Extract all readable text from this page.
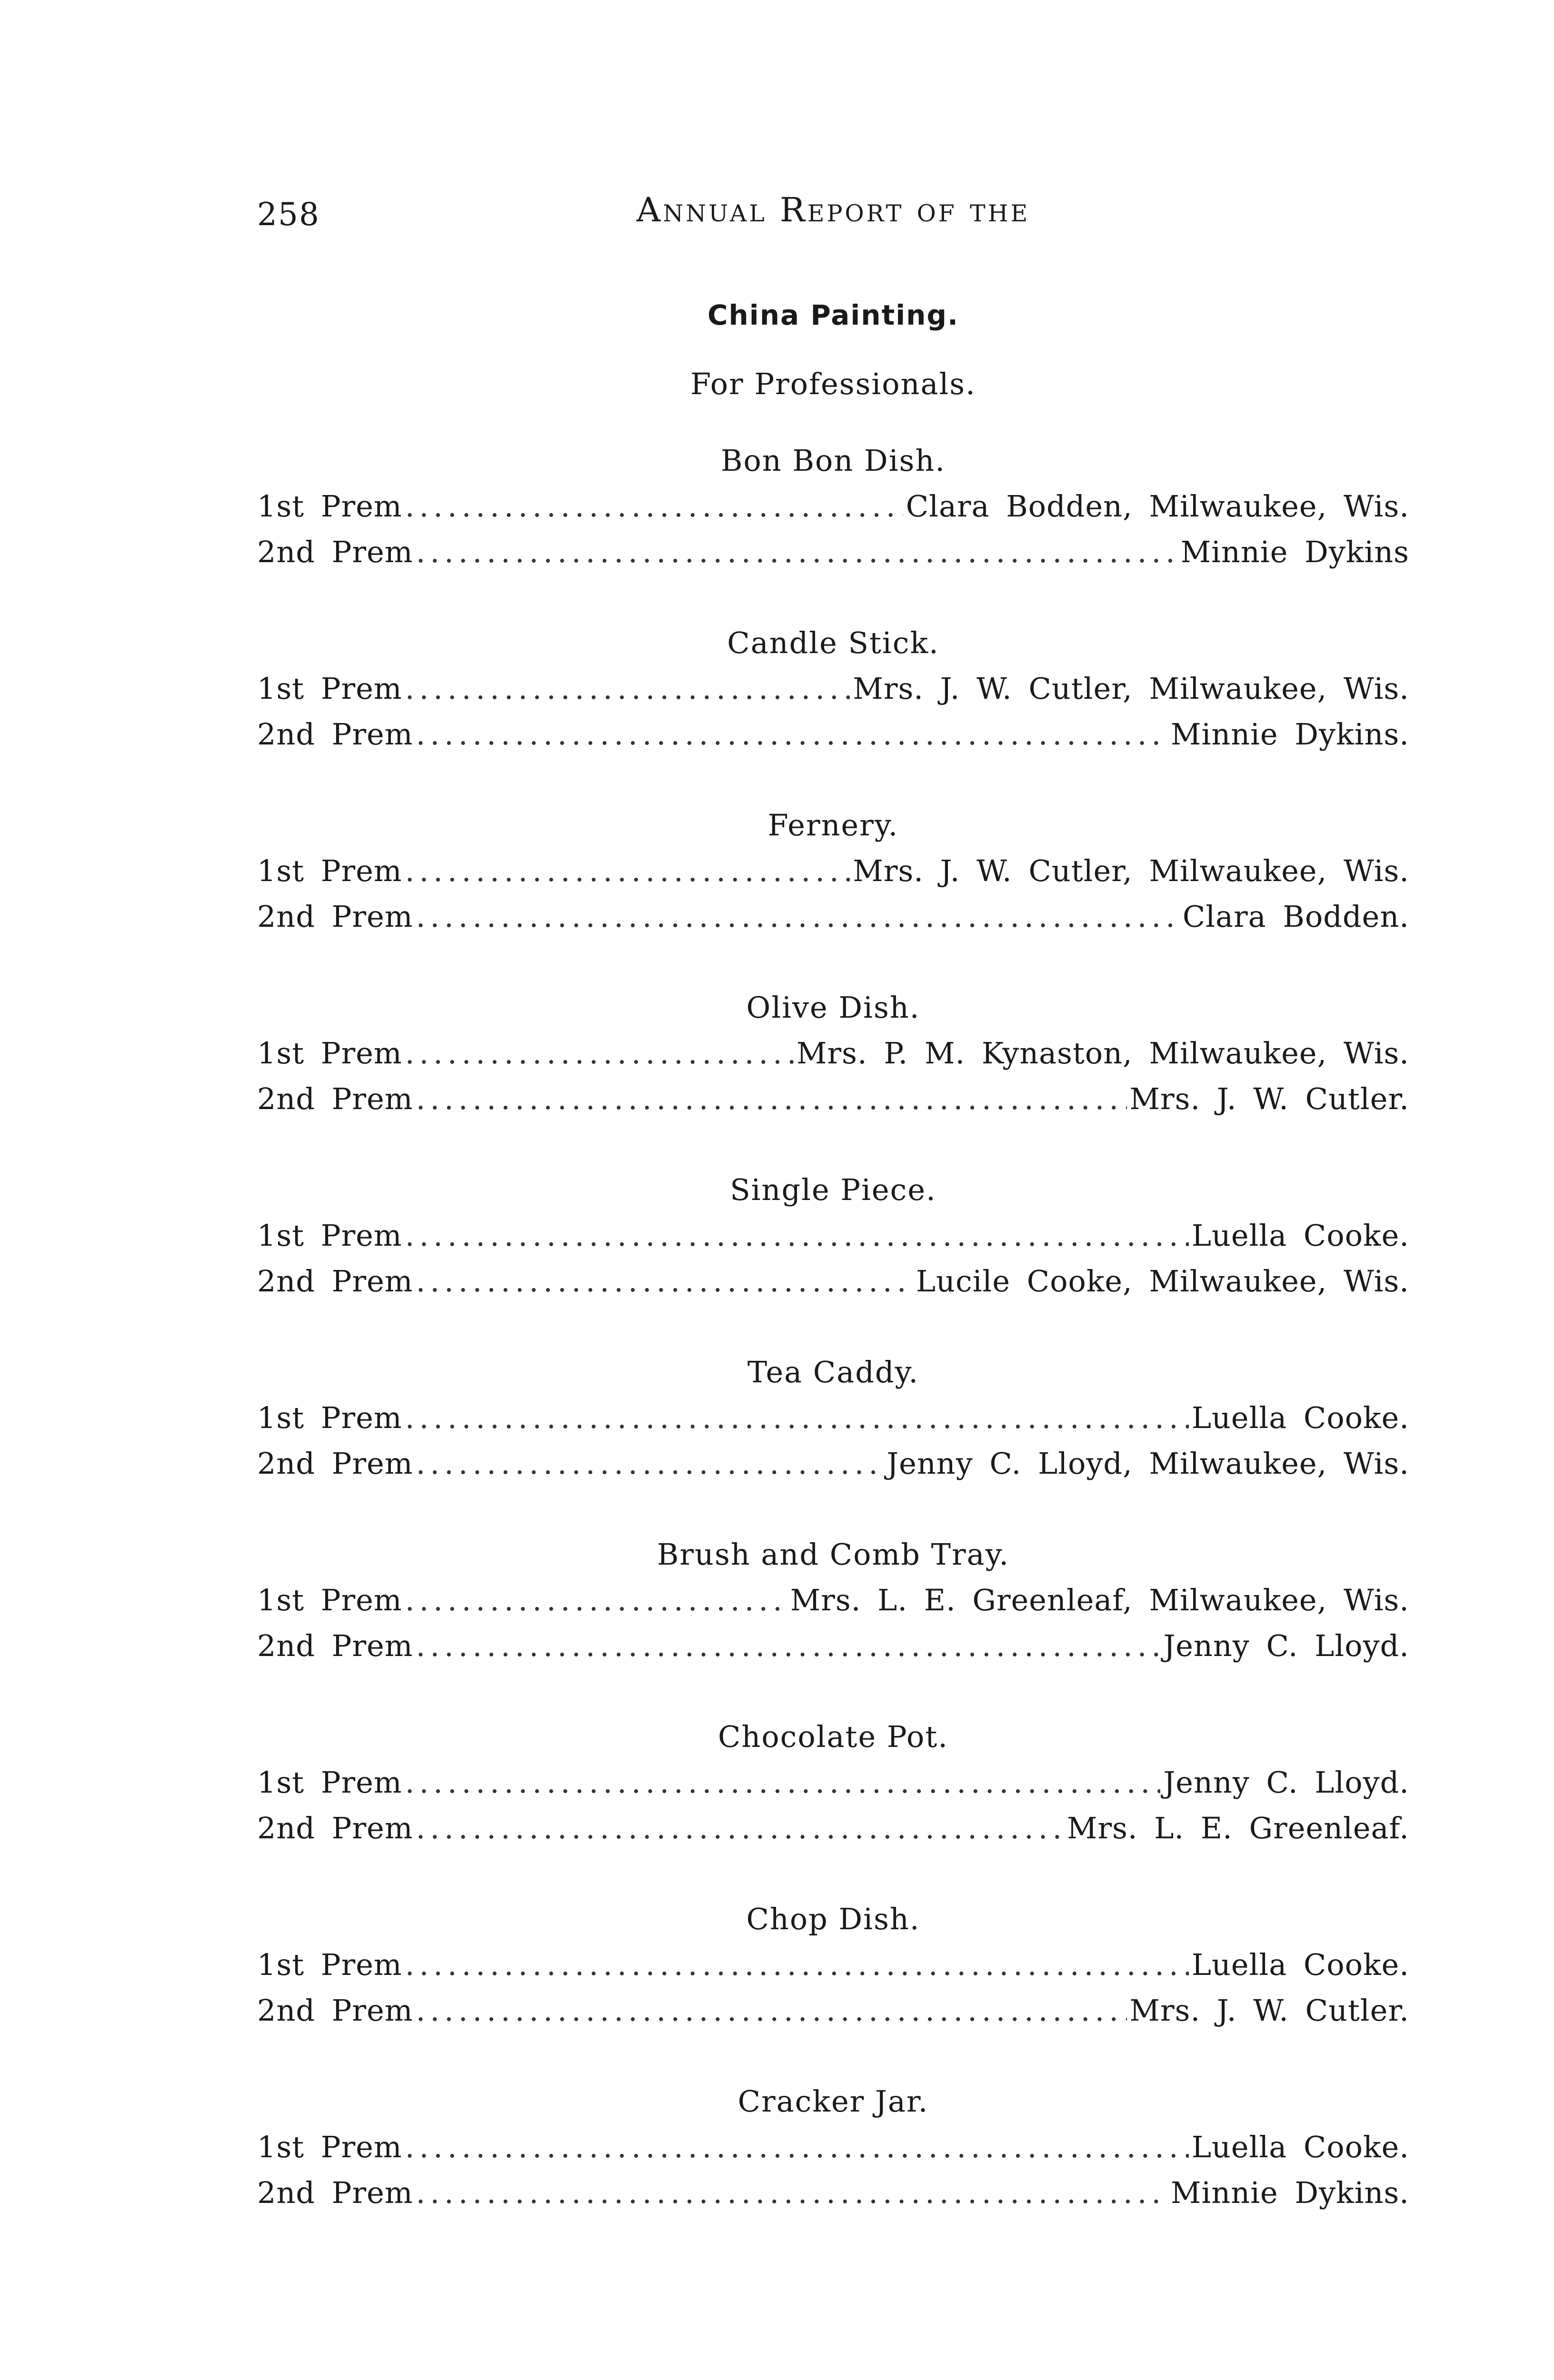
258	Annual Report of the
China Painting.
For Professionals.
Bon Bon Dish.
1st Prem .....	Clara Bodden, Milwaukee, Wis.
2nd Prem .....	Minnie Dykins
Candle Stick.
1st Prem .....	Mrs. J. W. Cutler, Milwaukee, Wis.
2nd Prem .....	Minnie Dykins.
Fernery.
1st Prem .....	Mrs. J. W. Cutler, Milwaukee, Wis.
2nd Prem .....	Clara Bodden.
Olive Dish.
1st Prem .....	Mrs. P. M. Kynaston, Milwaukee, Wis.
2nd Prem .....	Mrs. J. W. Cutler.
Single Piece.
1st Prem .....	Luella Cooke.
2nd Prem .....	Lucile Cooke, Milwaukee, Wis.
Tea Caddy.
1st Prem .....	Luella Cooke.
2nd Prem .....	Jenny C. Lloyd, Milwaukee, Wis.
Brush and Comb Tray.
1st Prem .....	Mrs. L. E. Greenleaf, Milwaukee, Wis.
2nd Prem .....	Jenny C. Lloyd.
Chocolate Pot.
1st Prem .....	Jenny C. Lloyd.
2nd Prem .....	Mrs. L. E. Greenleaf.
Chop Dish.
1st Prem .....	Luella Cooke.
2nd Prem .....	Mrs. J. W. Cutler.
Cracker Jar.
1st Prem .....	Luella Cooke.
2nd Prem .....	Minnie Dykins.
